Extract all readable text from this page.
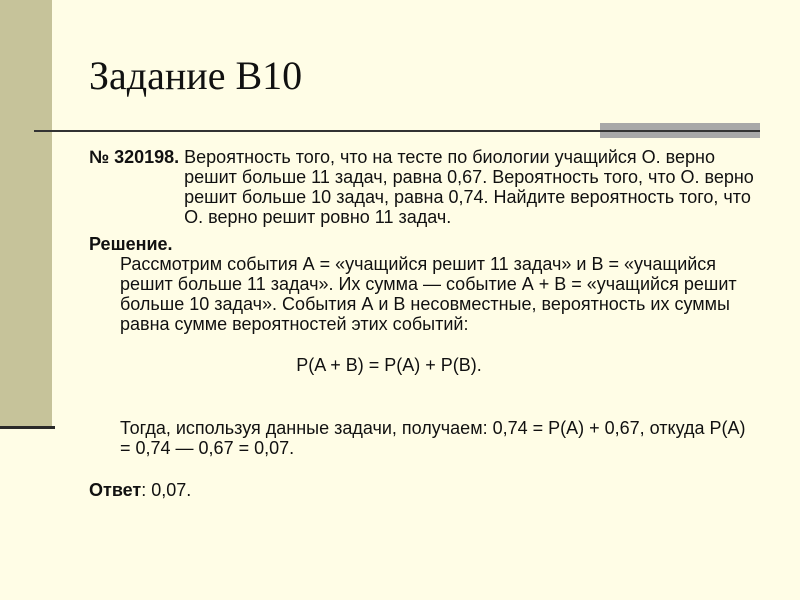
Задание B10
№ 320198.
Вероятность того, что на тесте по биологии учащийся О. верно решит больше 11 задач, равна 0,67. Вероятность того, что О. верно решит больше 10 задач, равна 0,74. Найдите вероятность того, что О. верно решит ровно 11 задач.
Решение.
Рассмотрим события А = «учащийся решит 11 задач» и В = «учащийся решит больше 11 задач». Их сумма — событие А + В = «учащийся решит больше 10 задач». События А и В несовместные, вероятность их суммы равна сумме вероятностей этих событий:
P(A + B) = P(A) + P(B).
Тогда, используя данные задачи, получаем: 0,74 = P(A) + 0,67, откуда P(A) = 0,74 — 0,67 = 0,07.
Ответ: 0,07.
